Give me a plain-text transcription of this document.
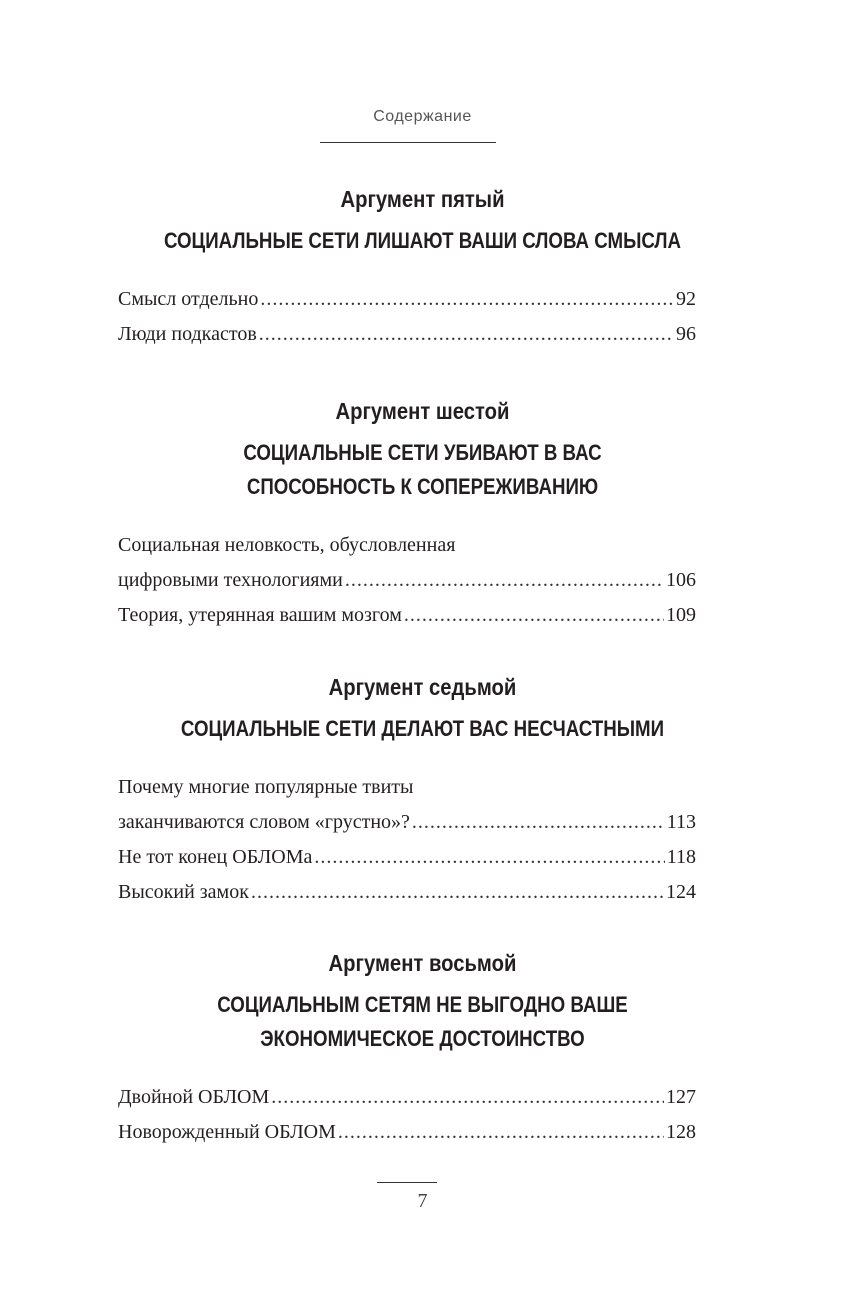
Содержание
Аргумент пятый
СОЦИАЛЬНЫЕ СЕТИ ЛИШАЮТ ВАШИ СЛОВА СМЫСЛА
Смысл отдельно .....	92
Люди подкастов .....	96
Аргумент шестой
СОЦИАЛЬНЫЕ СЕТИ УБИВАЮТ В ВАС
СПОСОБНОСТЬ К СОПЕРЕЖИВАНИЮ
Социальная неловкость, обусловленная
цифровыми технологиями .....	106
Теория, утерянная вашим мозгом .....	109
Аргумент седьмой
СОЦИАЛЬНЫЕ СЕТИ ДЕЛАЮТ ВАС НЕСЧАСТНЫМИ
Почему многие популярные твиты
заканчиваются словом «грустно»? .....	113
Не тот конец ОБЛОМа .....	118
Высокий замок .....	124
Аргумент восьмой
СОЦИАЛЬНЫМ СЕТЯМ НЕ ВЫГОДНО ВАШЕ
ЭКОНОМИЧЕСКОЕ ДОСТОИНСТВО
Двойной ОБЛОМ .....	127
Новорожденный ОБЛОМ .....	128
7
